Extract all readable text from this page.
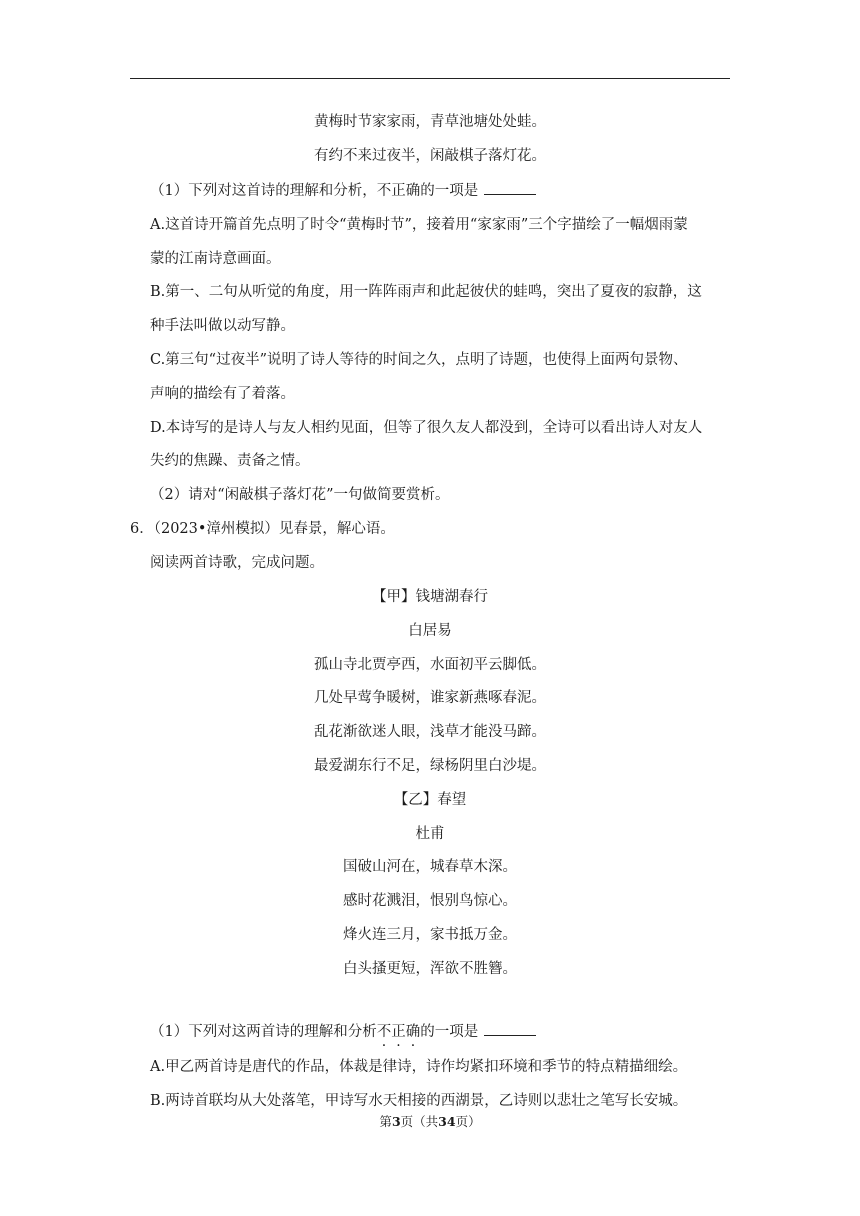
黄梅时节家家雨，青草池塘处处蛙。
有约不来过夜半，闲敲棋子落灯花。
（1）下列对这首诗的理解和分析，不正确的一项是
A.这首诗开篇首先点明了时令“黄梅时节”，接着用“家家雨”三个字描绘了一幅烟雨蒙
蒙的江南诗意画面。
B.第一、二句从听觉的角度，用一阵阵雨声和此起彼伏的蛙鸣，突出了夏夜的寂静，这
种手法叫做以动写静。
C.第三句“过夜半”说明了诗人等待的时间之久，点明了诗题，也使得上面两句景物、
声响的描绘有了着落。
D.本诗写的是诗人与友人相约见面，但等了很久友人都没到，全诗可以看出诗人对友人
失约的焦躁、责备之情。
（2）请对“闲敲棋子落灯花”一句做简要赏析。
6．（2023•漳州模拟）见春景，解心语。
阅读两首诗歌，完成问题。
【甲】钱塘湖春行
白居易
孤山寺北贾亭西，水面初平云脚低。
几处早莺争暖树，谁家新燕啄春泥。
乱花渐欲迷人眼，浅草才能没马蹄。
最爱湖东行不足，绿杨阴里白沙堤。
【乙】春望
杜甫
国破山河在，城春草木深。
感时花溅泪，恨别鸟惊心。
烽火连三月，家书抵万金。
白头搔更短，浑欲不胜簪。
（1）下列对这两首诗的理解和分析不正确的一项是
A.甲乙两首诗是唐代的作品，体裁是律诗，诗作均紧扣环境和季节的特点精描细绘。
B.两诗首联均从大处落笔，甲诗写水天相接的西湖景，乙诗则以悲壮之笔写长安城。
第3页（共34页）
